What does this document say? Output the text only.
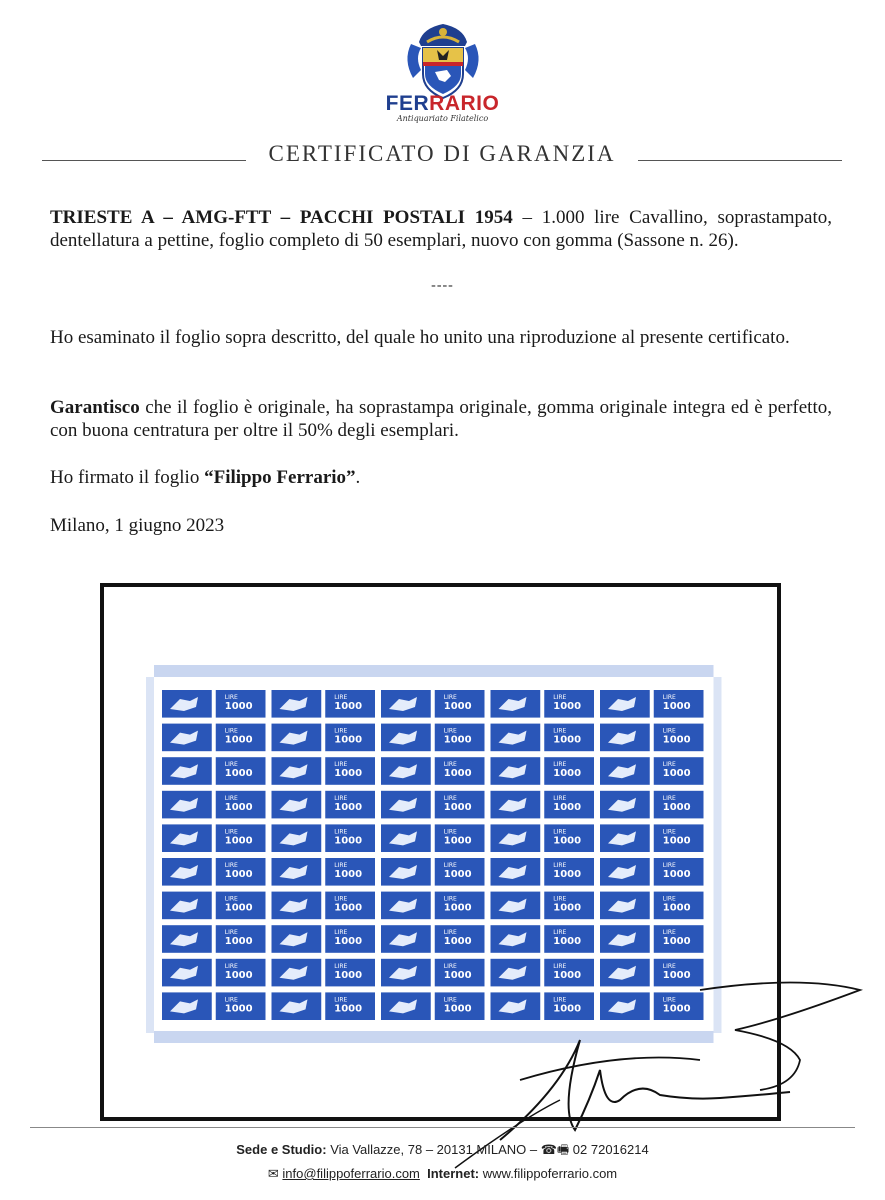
FERRARIO
Antiquariato Filatelico
CERTIFICATO DI GARANZIA
TRIESTE A – AMG-FTT – PACCHI POSTALI 1954 – 1.000 lire Cavallino, soprastampato, dentellatura a pettine, foglio completo di 50 esemplari, nuovo con gomma (Sassone n. 26).
----
Ho esaminato il foglio sopra descritto, del quale ho unito una riproduzione al presente certificato.
Garantisco che il foglio è originale, ha soprastampa originale, gomma originale integra ed è perfetto, con buona centratura per oltre il 50% degli esemplari.
Ho firmato il foglio “Filippo Ferrario”.
Milano, 1 giugno 2023
1000
LIRE
1000
LIRE
1000
LIRE
1000
LIRE
1000
LIRE
1000
LIRE
1000
LIRE
1000
LIRE
1000
LIRE
1000
LIRE
1000
LIRE
1000
LIRE
1000
LIRE
1000
LIRE
1000
LIRE
1000
LIRE
1000
LIRE
1000
LIRE
1000
LIRE
1000
LIRE
1000
LIRE
1000
LIRE
1000
LIRE
1000
LIRE
1000
LIRE
1000
LIRE
1000
LIRE
1000
LIRE
1000
LIRE
1000
LIRE
1000
LIRE
1000
LIRE
1000
LIRE
1000
LIRE
1000
LIRE
1000
LIRE
1000
LIRE
1000
LIRE
1000
LIRE
1000
LIRE
1000
LIRE
1000
LIRE
1000
LIRE
1000
LIRE
1000
LIRE
1000
LIRE
1000
LIRE
1000
LIRE
1000
LIRE
1000
LIRE
Sede e Studio: Via Vallazze, 78 – 20131 MILANO – ☎🖷 02 72016214
✉ info@filippoferrario.com Internet: www.filippoferrario.com
